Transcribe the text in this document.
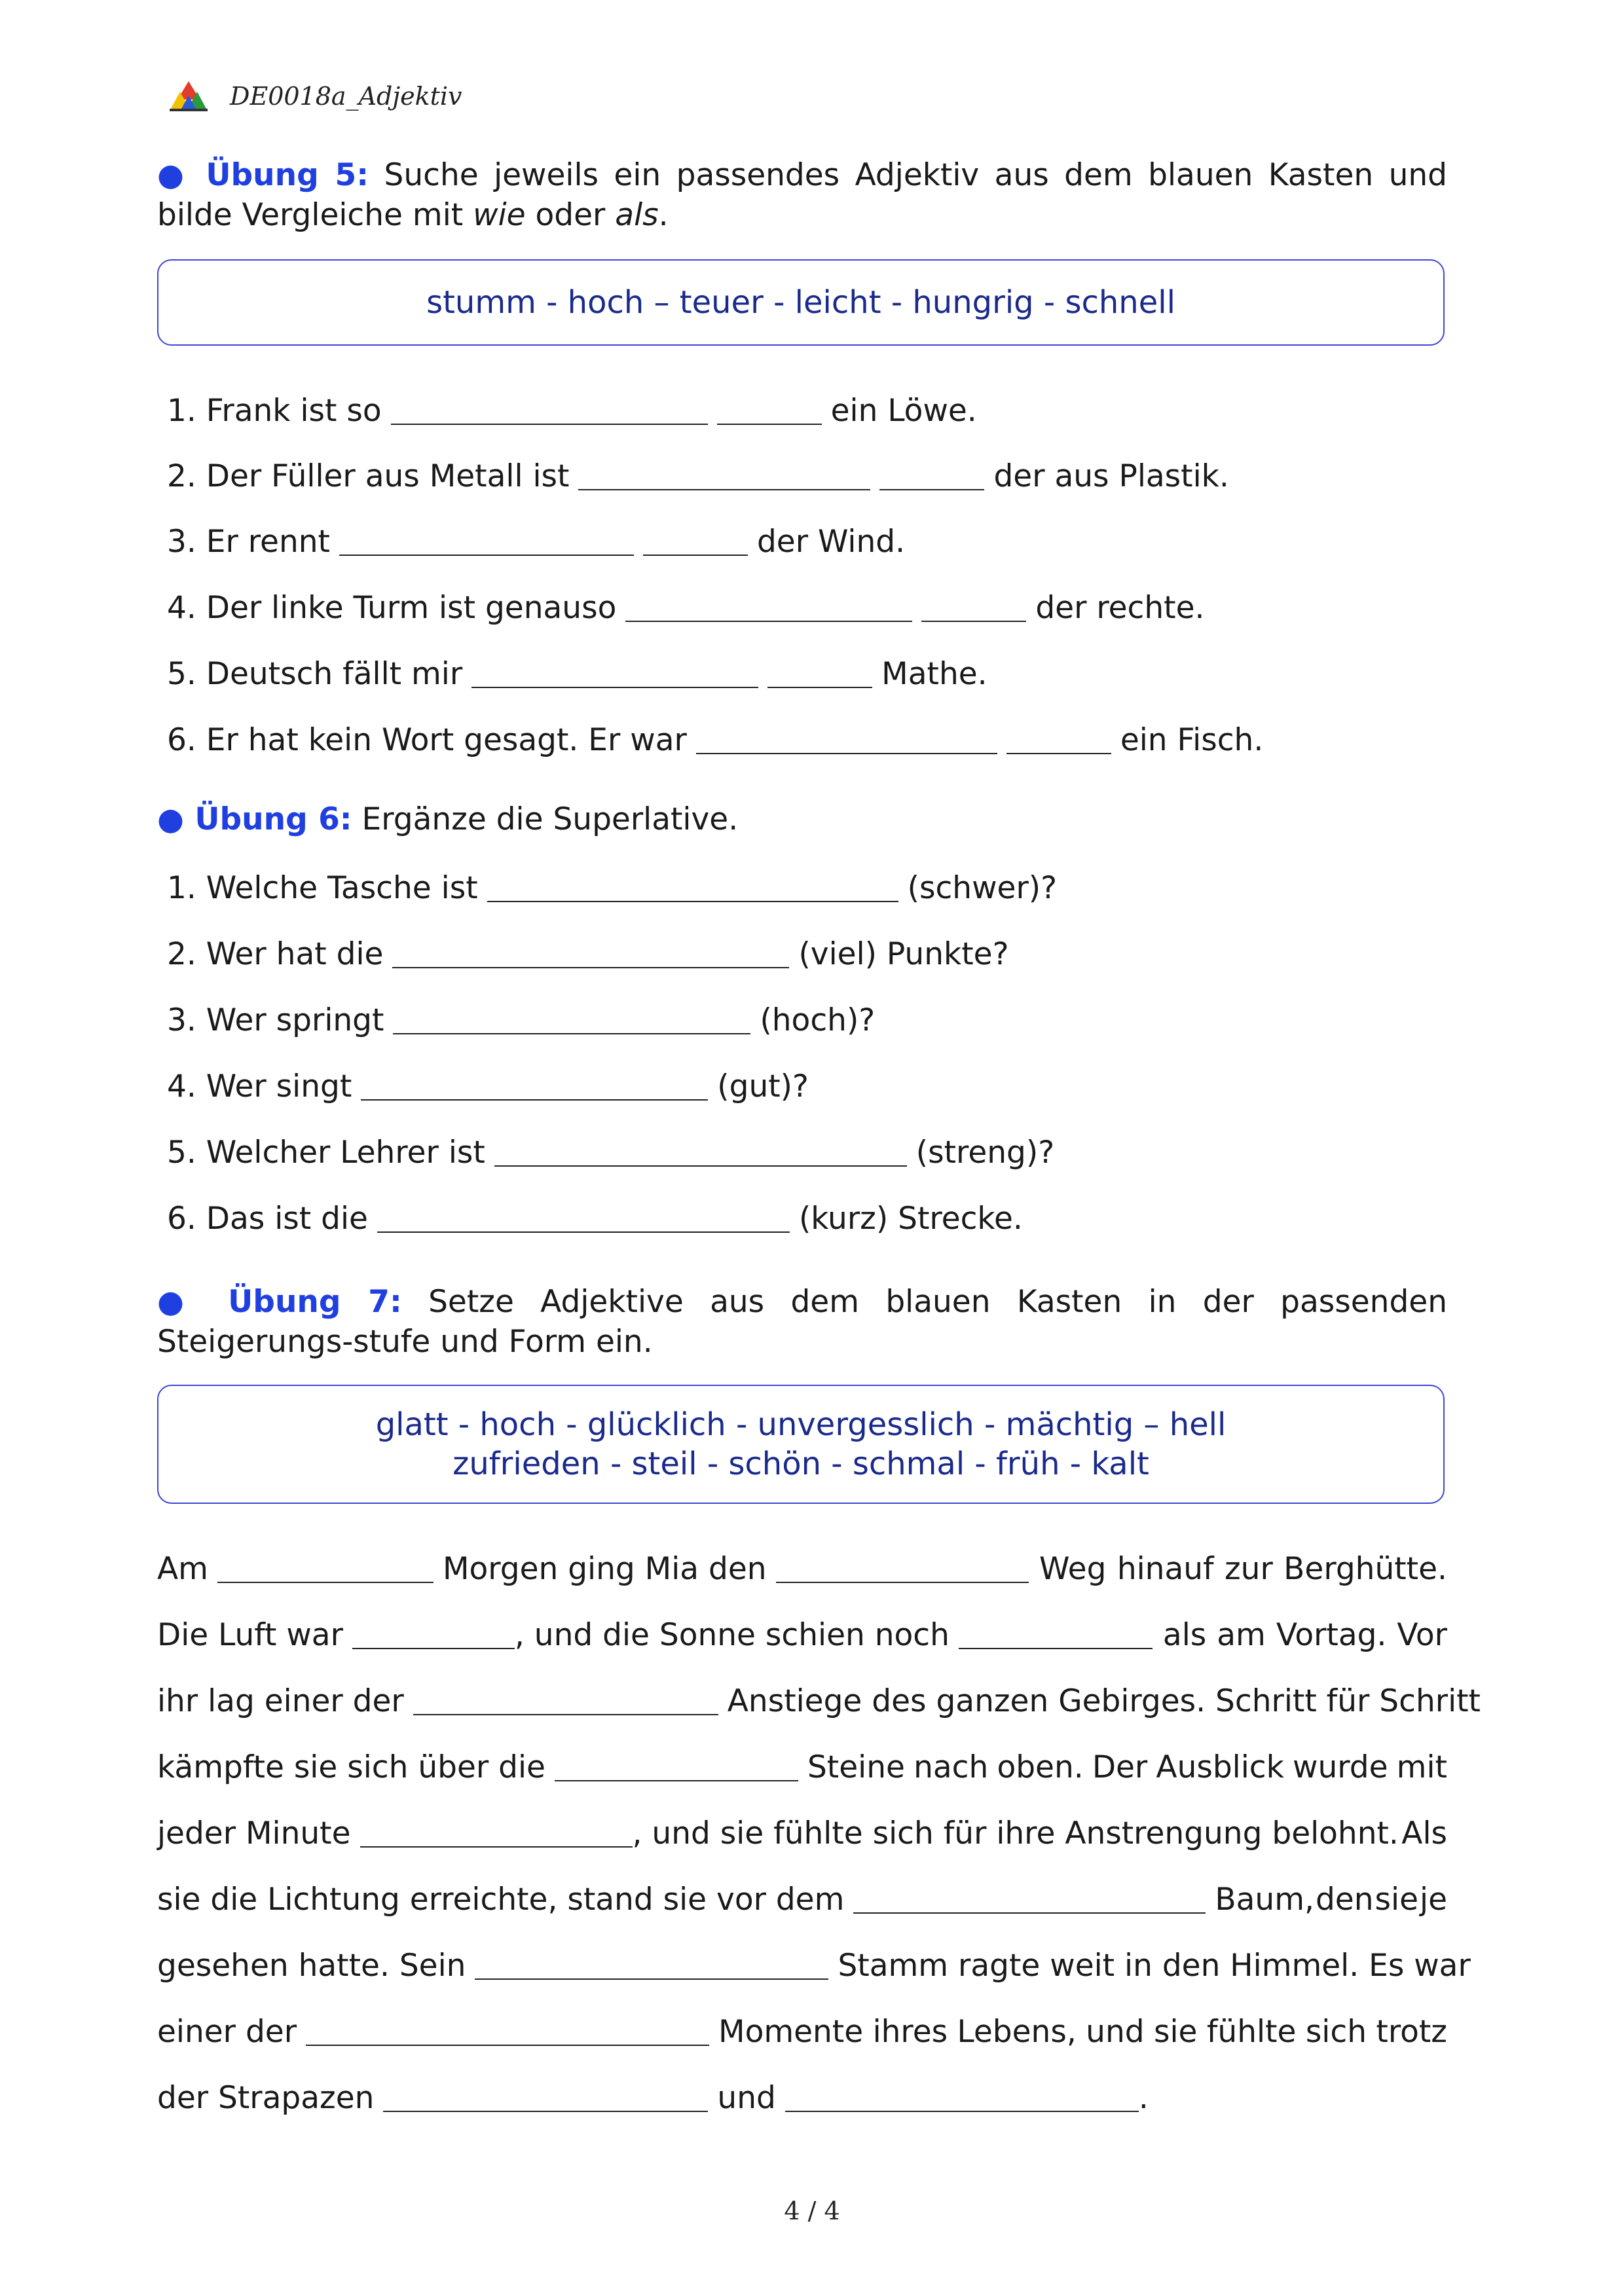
DE0018a_Adjektiv
● Übung 5: Suche jeweils ein passendes Adjektiv aus dem blauen Kasten und bilde Vergleiche mit wie oder als.
stumm - hoch – teuer - leicht - hungrig - schnell
1. Frank ist so	ein Löwe.
2. Der Füller aus Metall ist	der aus Plastik.
3. Er rennt	der Wind.
4. Der linke Turm ist genauso	der rechte.
5. Deutsch fällt mir	Mathe.
6. Er hat kein Wort gesagt. Er war	ein Fisch.
● Übung 6: Ergänze die Superlative.
1. Welche Tasche ist	(schwer)?
2. Wer hat die	(viel) Punkte?
3. Wer springt	(hoch)?
4. Wer singt	(gut)?
5. Welcher Lehrer ist	(streng)?
6. Das ist die	(kurz) Strecke.
● Übung 7: Setze Adjektive aus dem blauen Kasten in der passenden Steigerungs-stufe und Form ein.
glatt - hoch - glücklich - unvergesslich - mächtig – hell
zufrieden - steil - schön - schmal - früh - kalt
Am	Morgen ging Mia den	Weg hinauf zur Berghütte.
Die Luft war	, und die Sonne schien noch	als am Vortag. Vor
ihr lag einer der	Anstiege des ganzen Gebirges. Schritt für Schritt
kämpfte sie sich über die	Steine nach oben. Der Ausblick wurde mit
jeder Minute	, und sie fühlte sich für ihre Anstrengung belohnt. Als
sie die Lichtung erreichte, stand sie vor dem	Baum, den sie je
gesehen hatte. Sein	Stamm ragte weit in den Himmel. Es war
einer der	Momente ihres Lebens, und sie fühlte sich trotz
der Strapazen	und	.
4 / 4
